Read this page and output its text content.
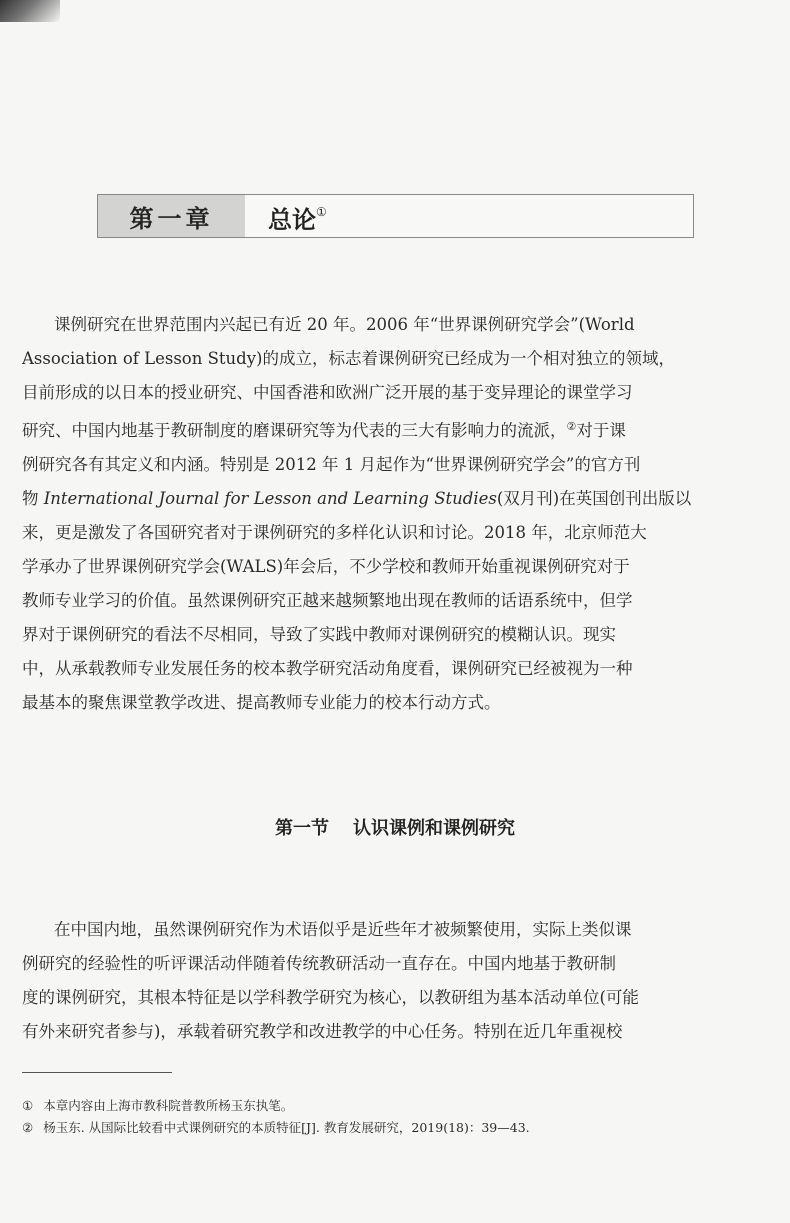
第一章	总论①
课例研究在世界范围内兴起已有近 20 年。2006 年“世界课例研究学会”(World
Association of Lesson Study)的成立，标志着课例研究已经成为一个相对独立的领域，
目前形成的以日本的授业研究、中国香港和欧洲广泛开展的基于变异理论的课堂学习
研究、中国内地基于教研制度的磨课研究等为代表的三大有影响力的流派，②对于课
例研究各有其定义和内涵。特别是 2012 年 1 月起作为“世界课例研究学会”的官方刊
物 International Journal for Lesson and Learning Studies(双月刊)在英国创刊出版以
来，更是激发了各国研究者对于课例研究的多样化认识和讨论。2018 年，北京师范大
学承办了世界课例研究学会(WALS)年会后，不少学校和教师开始重视课例研究对于
教师专业学习的价值。虽然课例研究正越来越频繁地出现在教师的话语系统中，但学
界对于课例研究的看法不尽相同，导致了实践中教师对课例研究的模糊认识。现实
中，从承载教师专业发展任务的校本教学研究活动角度看，课例研究已经被视为一种
最基本的聚焦课堂教学改进、提高教师专业能力的校本行动方式。
第一节 认识课例和课例研究
在中国内地，虽然课例研究作为术语似乎是近些年才被频繁使用，实际上类似课
例研究的经验性的听评课活动伴随着传统教研活动一直存在。中国内地基于教研制
度的课例研究，其根本特征是以学科教学研究为核心，以教研组为基本活动单位(可能
有外来研究者参与)，承载着研究教学和改进教学的中心任务。特别在近几年重视校
① 本章内容由上海市教科院普教所杨玉东执笔。
② 杨玉东. 从国际比较看中式课例研究的本质特征[J]. 教育发展研究，2019(18)：39—43.
